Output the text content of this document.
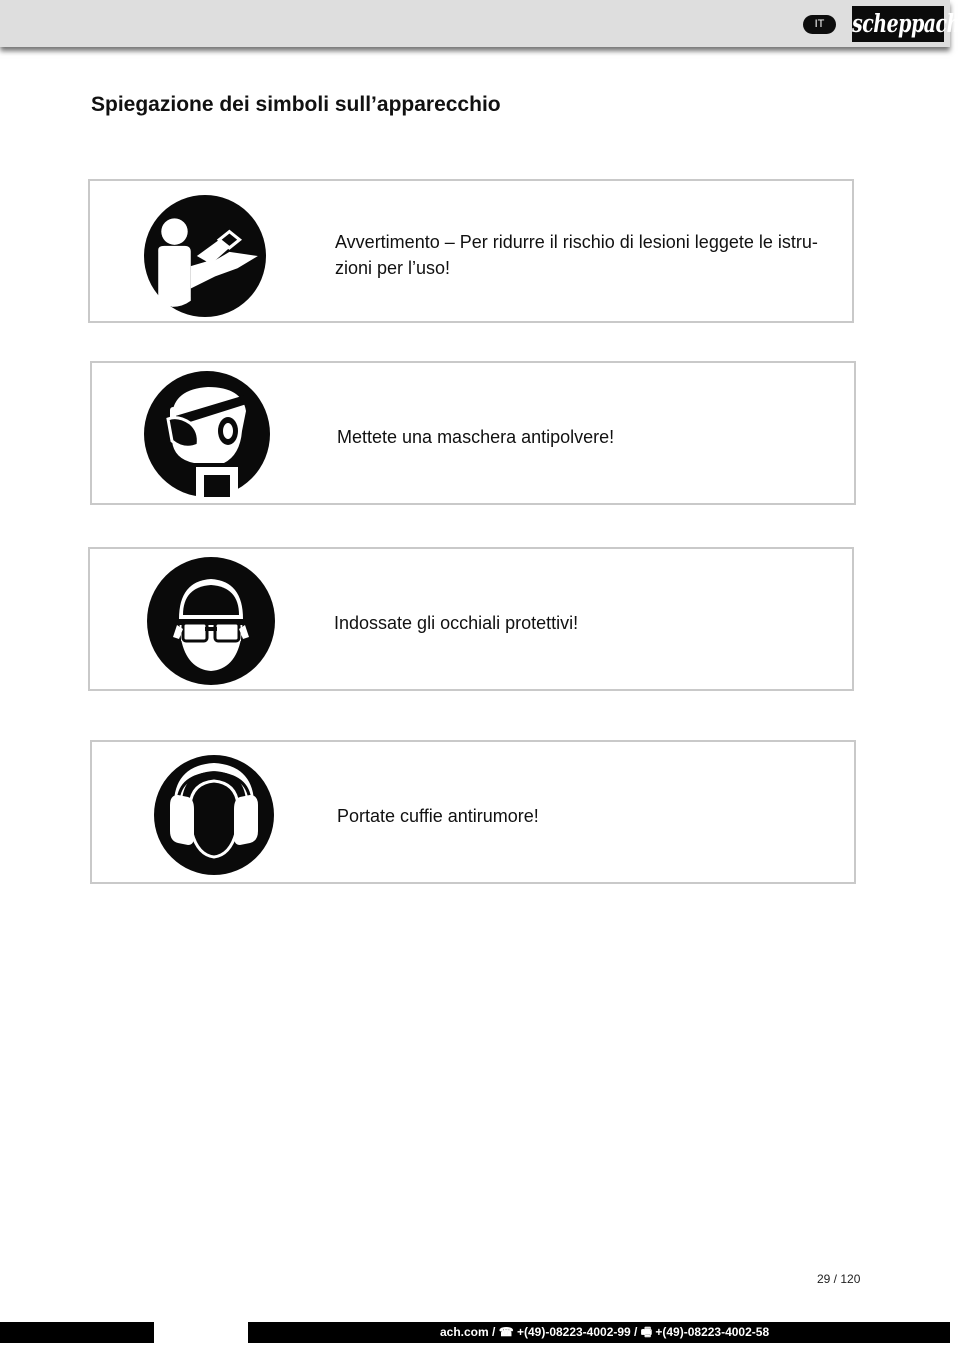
IT	scheppach
Spiegazione dei simboli sull’apparecchio
Avvertimento – Per ridurre il rischio di lesioni leggete le istru-
zioni per l’uso!
Mettete una maschera antipolvere!
Indossate gli occhiali protettivi!
Portate cuffie antirumore!
29 / 120
ach.com / ☎ +(49)-08223-4002-99 / 🖷 +(49)-08223-4002-58
